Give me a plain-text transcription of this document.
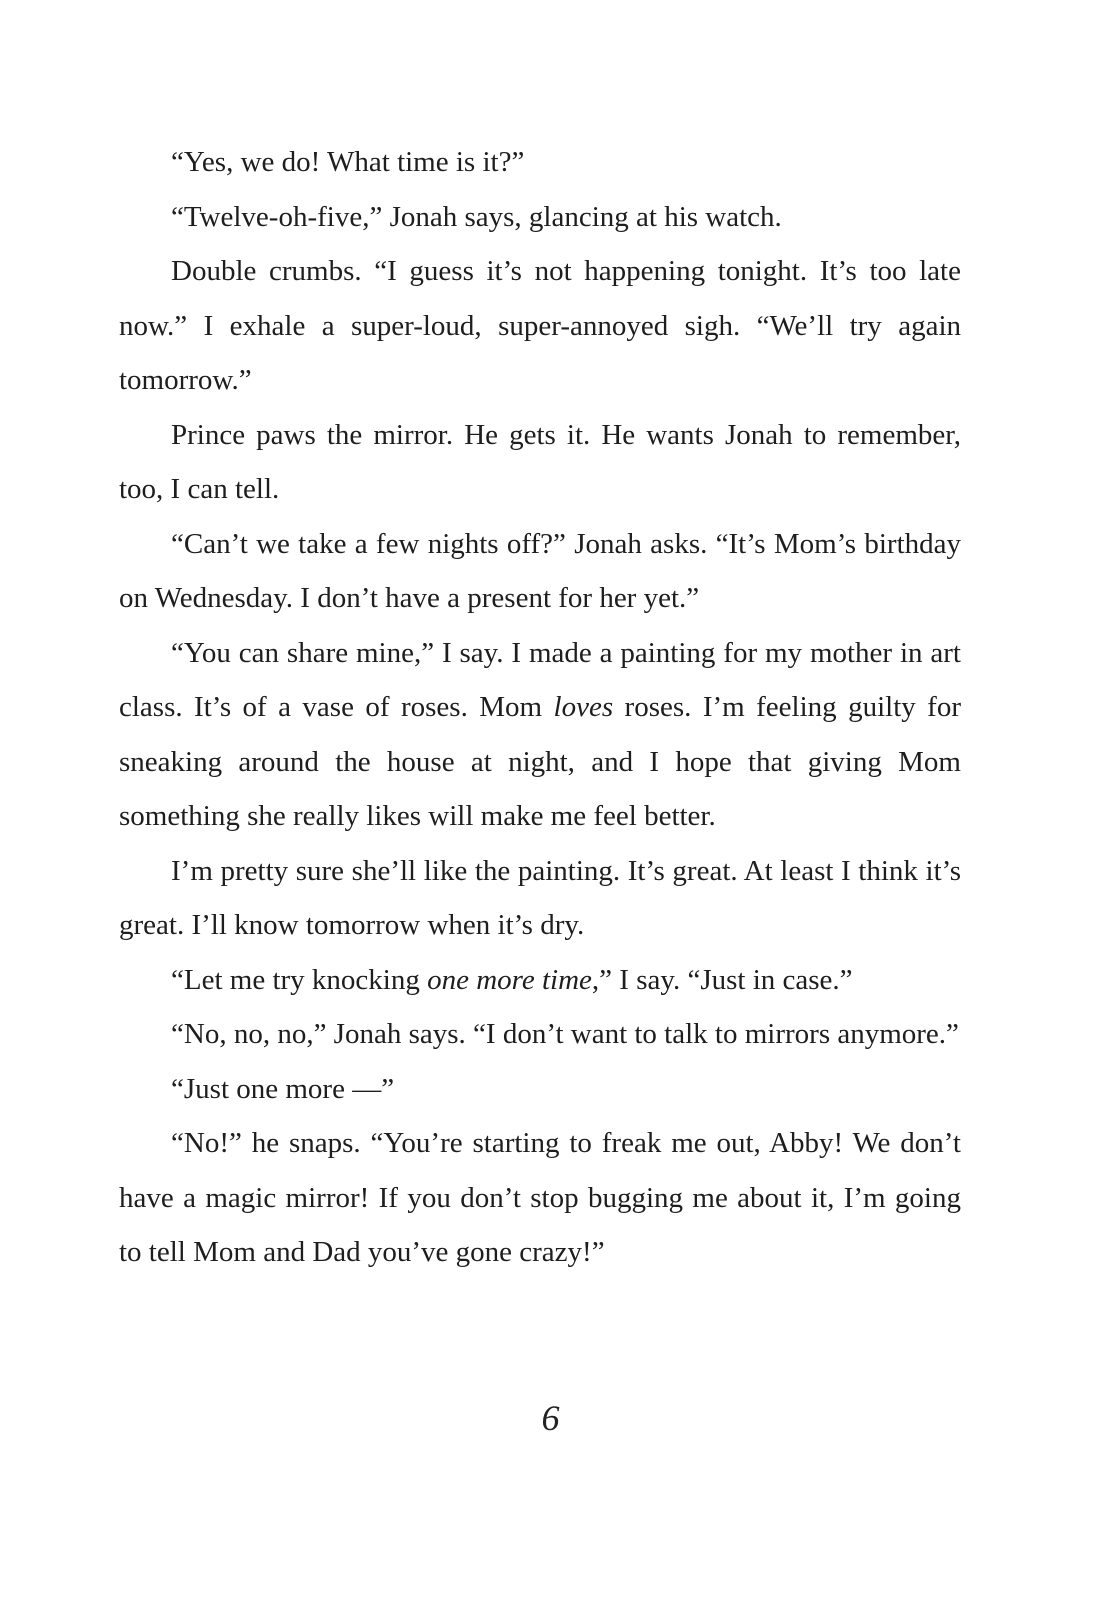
“Yes, we do! What time is it?”

“Twelve-oh-five,” Jonah says, glancing at his watch.

Double crumbs. “I guess it’s not happening tonight. It’s too late now.” I exhale a super-loud, super-annoyed sigh. “We’ll try again tomorrow.”

Prince paws the mirror. He gets it. He wants Jonah to remember, too, I can tell.

“Can’t we take a few nights off?” Jonah asks. “It’s Mom’s birthday on Wednesday. I don’t have a present for her yet.”

“You can share mine,” I say. I made a painting for my mother in art class. It’s of a vase of roses. Mom loves roses. I’m feeling guilty for sneaking around the house at night, and I hope that giving Mom something she really likes will make me feel better.

I’m pretty sure she’ll like the painting. It’s great. At least I think it’s great. I’ll know tomorrow when it’s dry.

“Let me try knocking one more time,” I say. “Just in case.”

“No, no, no,” Jonah says. “I don’t want to talk to mirrors anymore.”

“Just one more —”

“No!” he snaps. “You’re starting to freak me out, Abby! We don’t have a magic mirror! If you don’t stop bugging me about it, I’m going to tell Mom and Dad you’ve gone crazy!”

6
